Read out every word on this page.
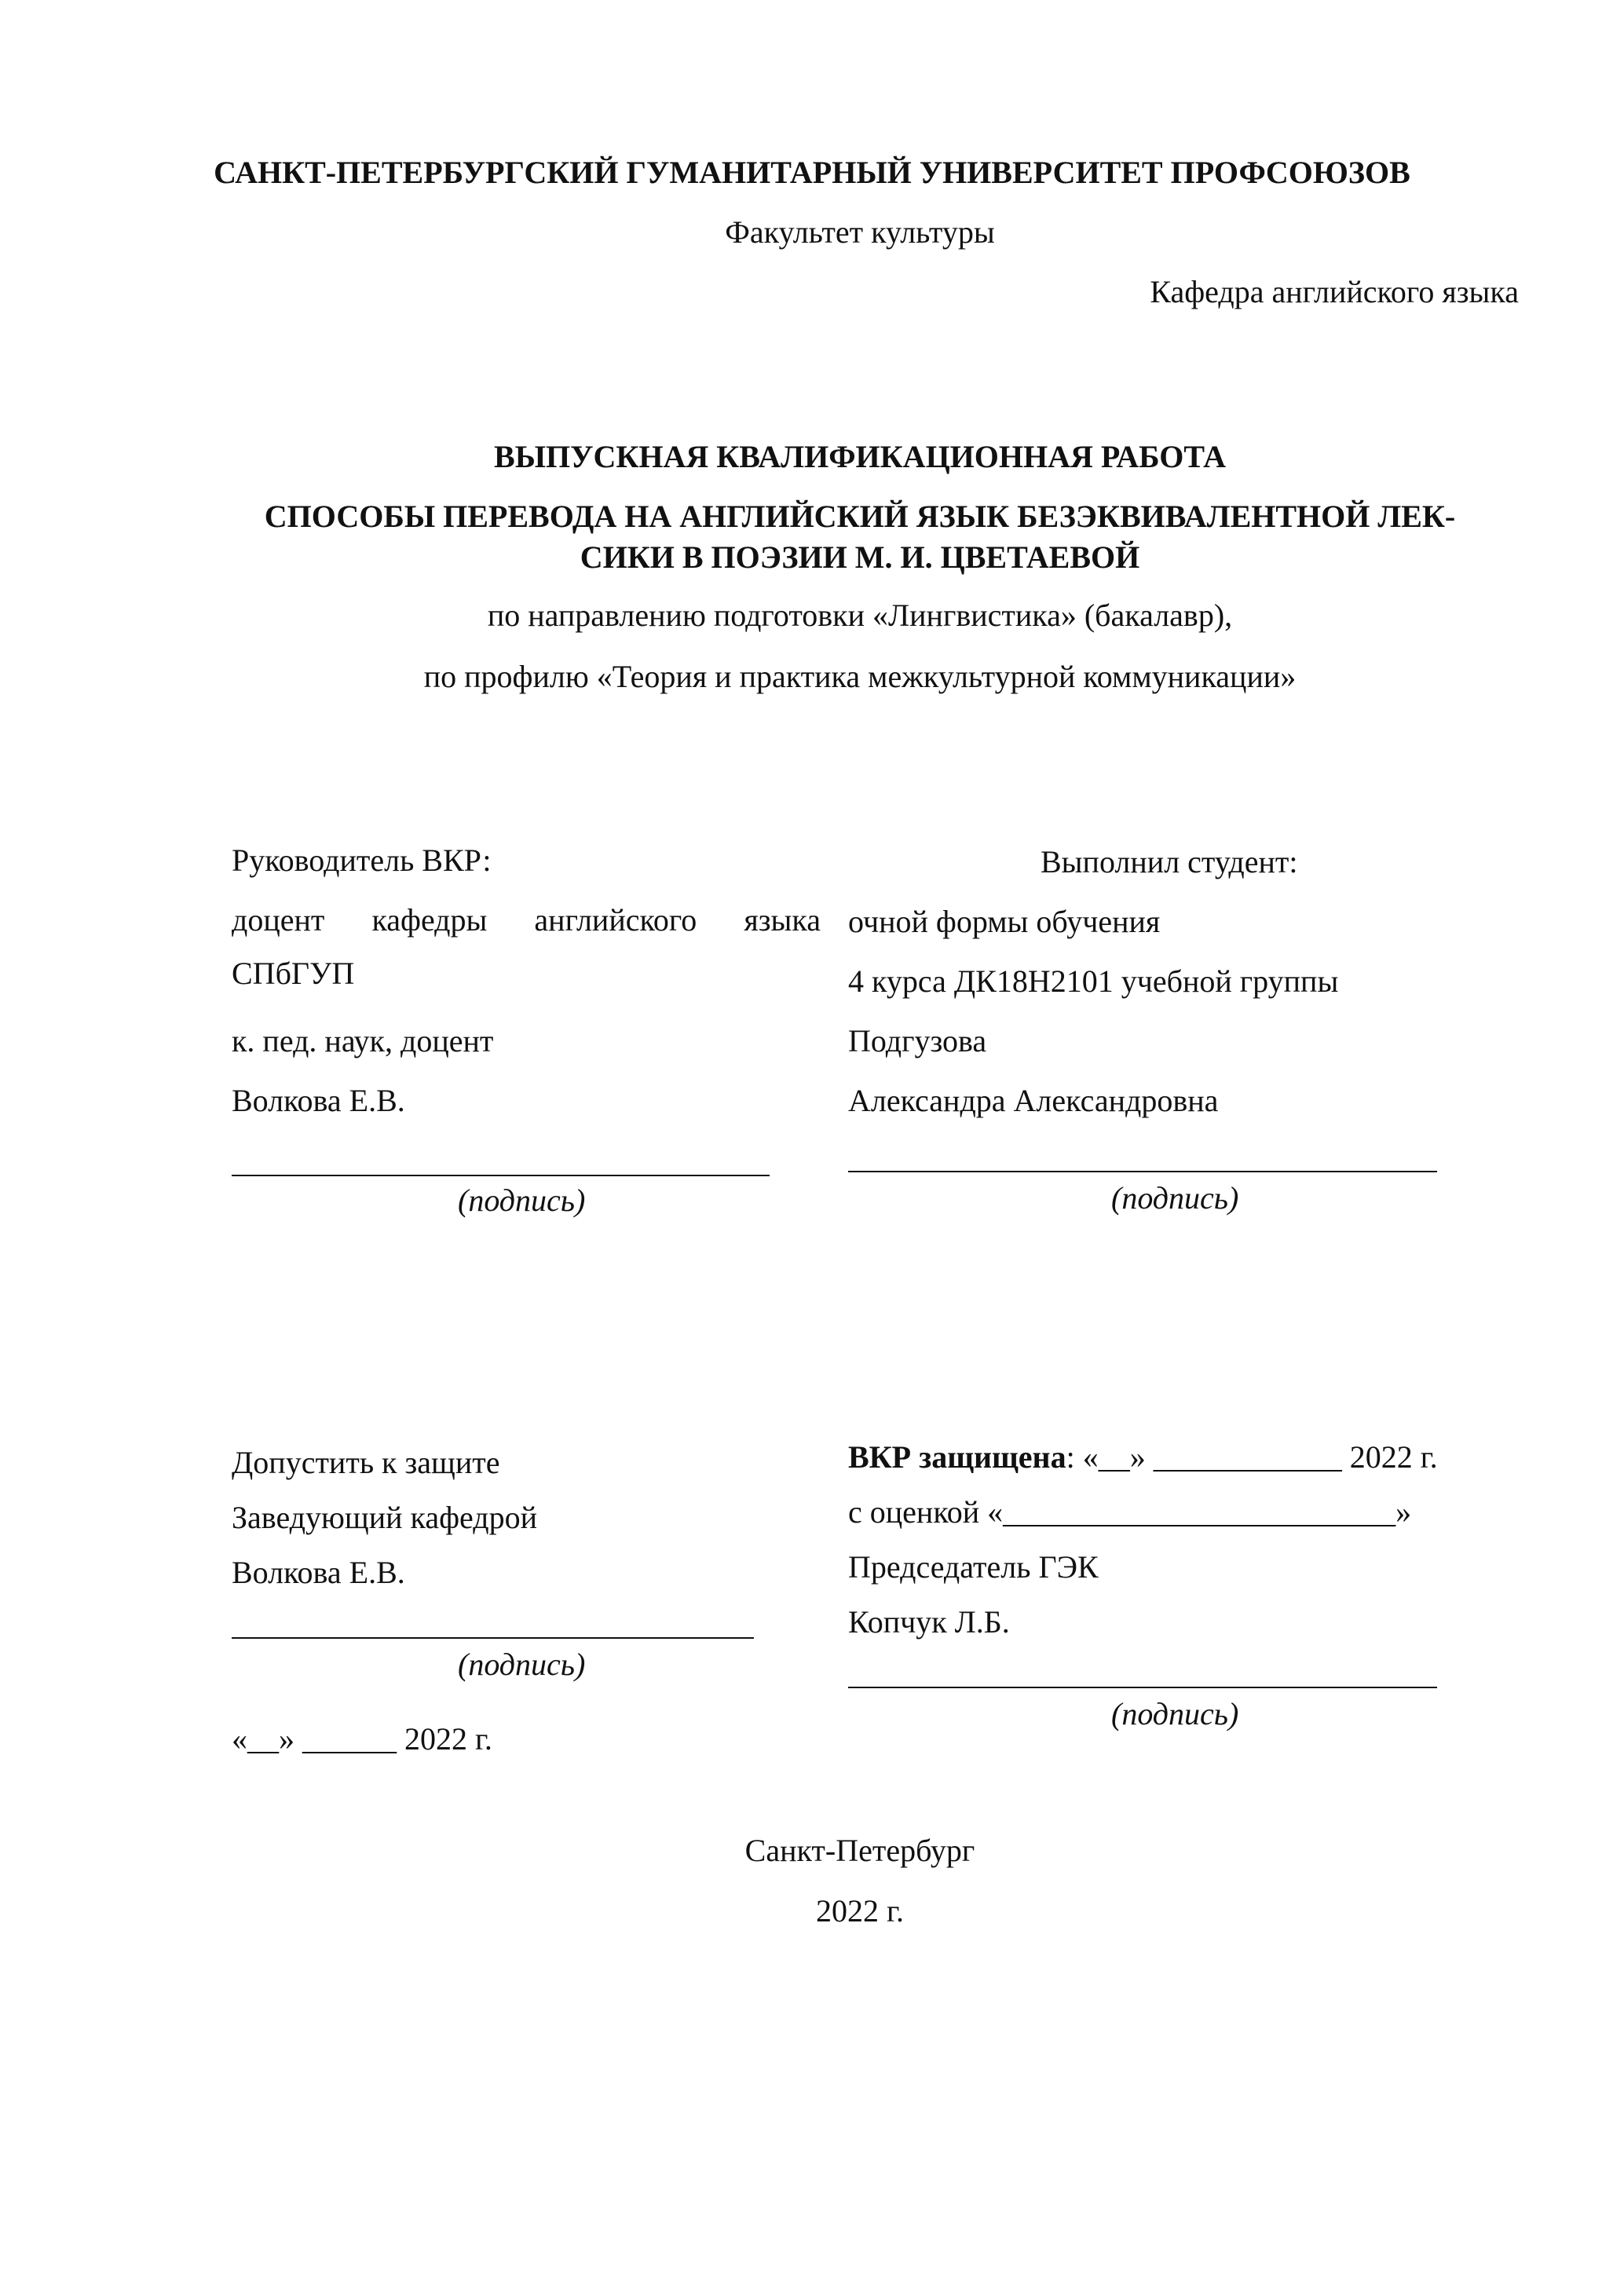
САНКТ-ПЕТЕРБУРГСКИЙ ГУМАНИТАРНЫЙ УНИВЕРСИТЕТ ПРОФСОЮЗОВ
Факультет культуры
Кафедра английского языка
ВЫПУСКНАЯ КВАЛИФИКАЦИОННАЯ РАБОТА
СПОСОБЫ ПЕРЕВОДА НА АНГЛИЙСКИЙ ЯЗЫК БЕЗЭКВИВАЛЕНТНОЙ ЛЕК-
СИКИ В ПОЭЗИИ М. И. ЦВЕТАЕВОЙ
по направлению подготовки «Лингвистика» (бакалавр),
по профилю «Теория и практика межкультурной коммуникации»
Руководитель ВКР:
доцент кафедры английского языка
СПбГУП
к. пед. наук, доцент
Волкова Е.В.
(подпись)
Выполнил студент:
очной формы обучения
4 курса ДК18Н2101 учебной группы
Подгузова
Александра Александровна
(подпись)
Допустить к защите
Заведующий кафедрой
Волкова Е.В.
(подпись)
«__» ______ 2022 г.
ВКР защищена: «__» ____________ 2022 г.
с оценкой «_________________________»
Председатель ГЭК
Копчук Л.Б.
(подпись)
Санкт-Петербург
2022 г.
